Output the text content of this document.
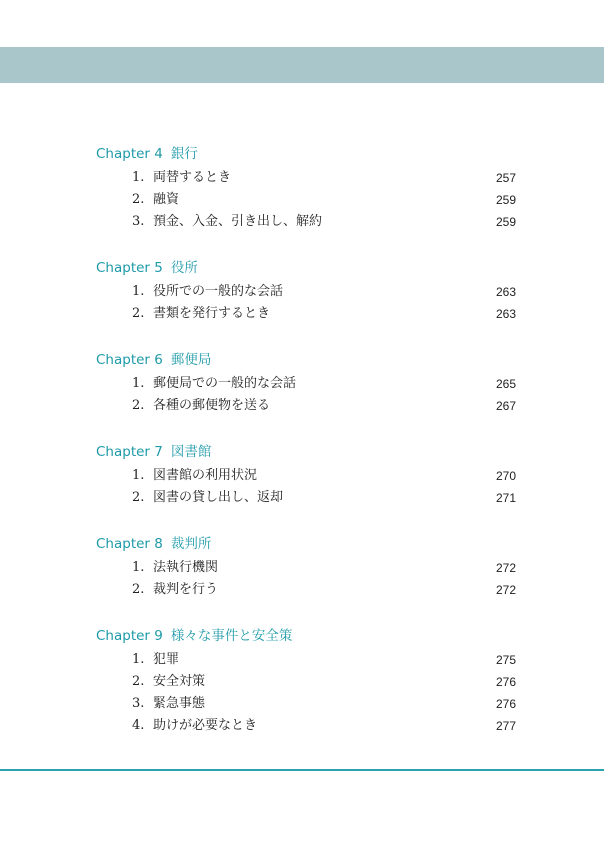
Chapter 4 銀行
1. 両替するとき	257
2. 融資	259
3. 預金、入金、引き出し、解約	259
Chapter 5 役所
1. 役所での一般的な会話	263
2. 書類を発行するとき	263
Chapter 6 郵便局
1. 郵便局での一般的な会話	265
2. 各種の郵便物を送る	267
Chapter 7 図書館
1. 図書館の利用状況	270
2. 図書の貸し出し、返却	271
Chapter 8 裁判所
1. 法執行機関	272
2. 裁判を行う	272
Chapter 9 様々な事件と安全策
1. 犯罪	275
2. 安全対策	276
3. 緊急事態	276
4. 助けが必要なとき	277
